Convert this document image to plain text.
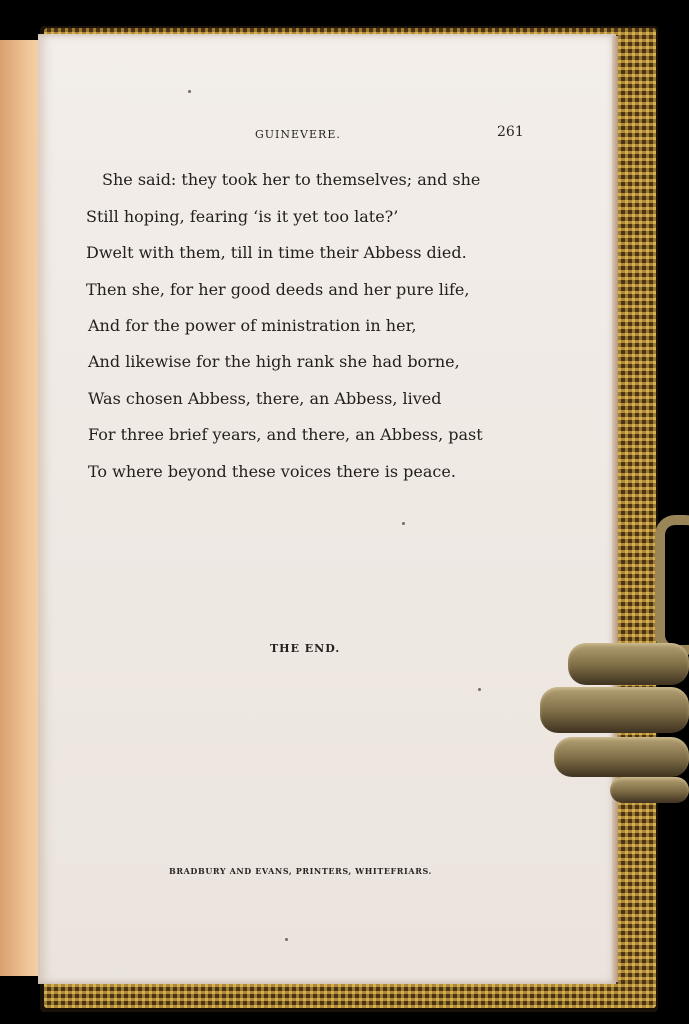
GUINEVERE.	261
She said: they took her to themselves; and she
Still hoping, fearing ‘is it yet too late?’
Dwelt with them, till in time their Abbess died.
Then she, for her good deeds and her pure life,
And for the power of ministration in her,
And likewise for the high rank she had borne,
Was chosen Abbess, there, an Abbess, lived
For three brief years, and there, an Abbess, past
To where beyond these voices there is peace.
THE END.
BRADBURY AND EVANS, PRINTERS, WHITEFRIARS.
